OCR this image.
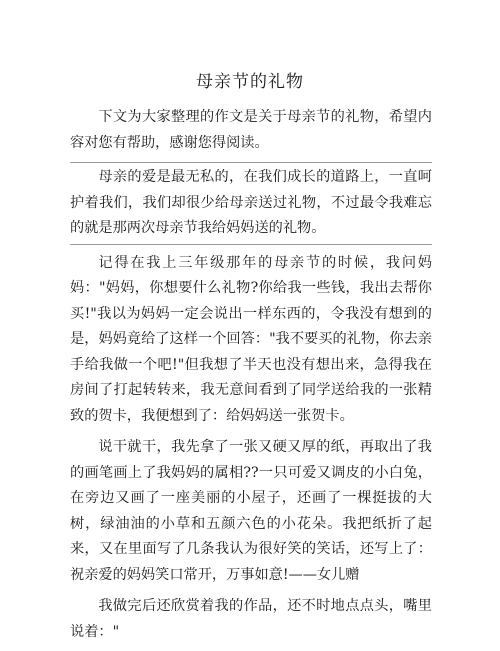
母亲节的礼物

下文为大家整理的作文是关于母亲节的礼物，希望内容对您有帮助，感谢您得阅读。

母亲的爱是最无私的，在我们成长的道路上，一直呵护着我们，我们却很少给母亲送过礼物，不过最令我难忘的就是那两次母亲节我给妈妈送的礼物。

记得在我上三年级那年的母亲节的时候，我问妈妈："妈妈，你想要什么礼物?你给我一些钱，我出去帮你买!"我以为妈妈一定会说出一样东西的，令我没有想到的是，妈妈竟给了这样一个回答："我不要买的礼物，你去亲手给我做一个吧!"但我想了半天也没有想出来，急得我在房间了打起转转来，我无意间看到了同学送给我的一张精致的贺卡，我便想到了：给妈妈送一张贺卡。

说干就干，我先拿了一张又硬又厚的纸，再取出了我的画笔画上了我妈妈的属相??一只可爱又调皮的小白兔，在旁边又画了一座美丽的小屋子，还画了一棵挺拔的大树，绿油油的小草和五颜六色的小花朵。我把纸折了起来，又在里面写了几条我认为很好笑的笑话，还写上了：祝亲爱的妈妈笑口常开，万事如意!——女儿赠

我做完后还欣赏着我的作品，还不时地点点头，嘴里说着："
